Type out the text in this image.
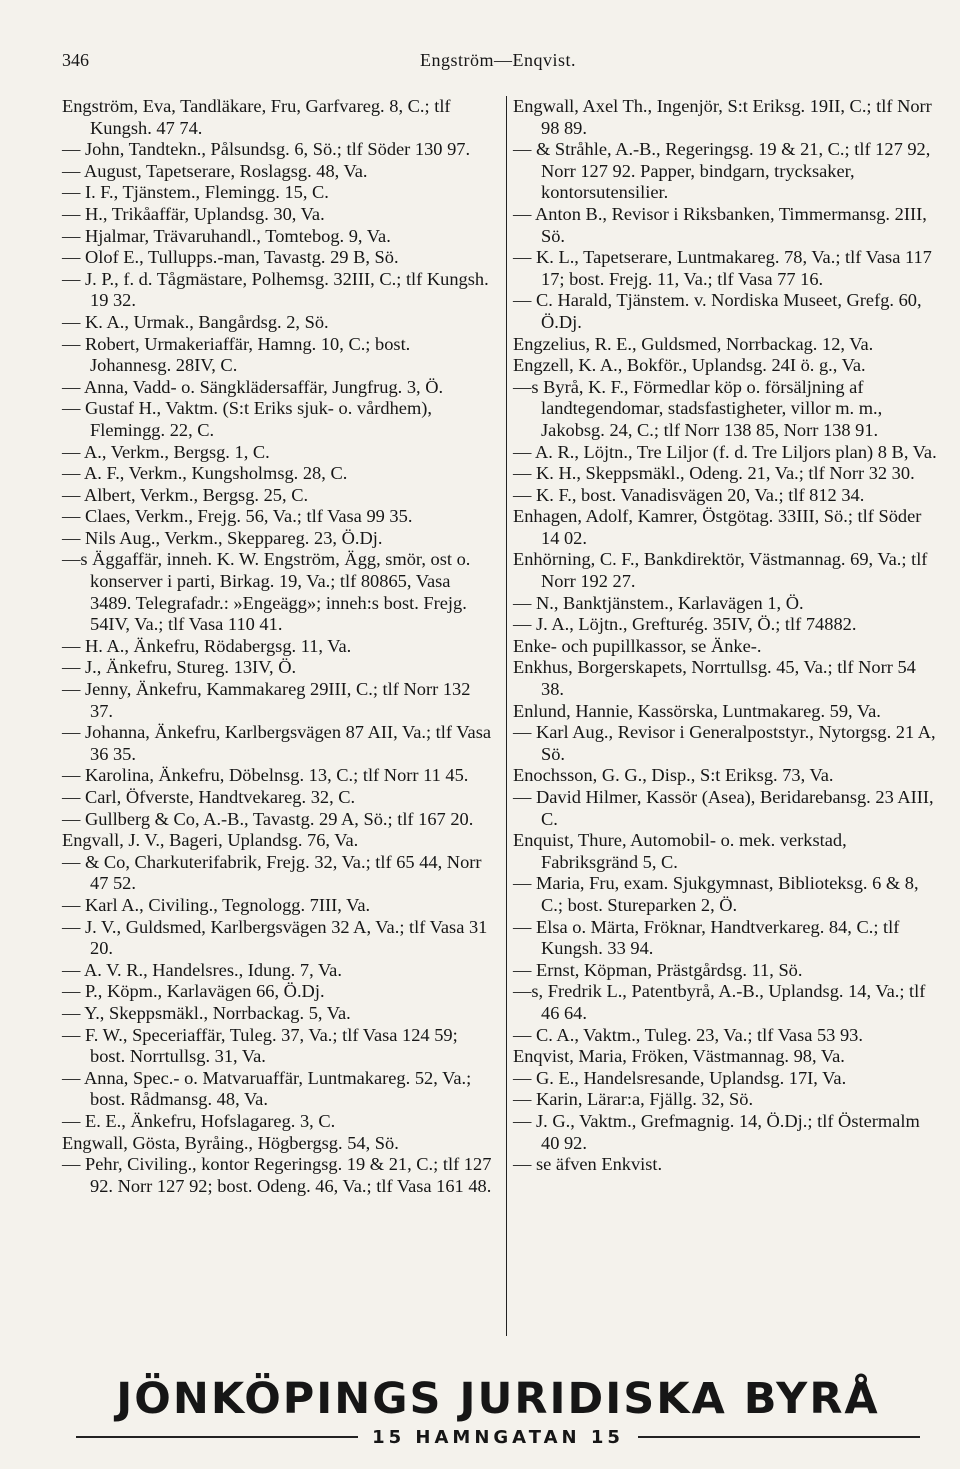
346	Engström—Enqvist.
Engström, Eva, Tandläkare, Fru, Garfvareg. 8, C.; tlf Kungsh. 47 74.
— John, Tandtekn., Pålsundsg. 6, Sö.; tlf Söder 130 97.
— August, Tapetserare, Roslagsg. 48, Va.
— I. F., Tjänstem., Flemingg. 15, C.
— H., Trikåaffär, Uplandsg. 30, Va.
— Hjalmar, Trävaruhandl., Tomtebog. 9, Va.
— Olof E., Tullupps.-man, Tavastg. 29 B, Sö.
— J. P., f. d. Tågmästare, Polhemsg. 32III, C.; tlf Kungsh. 19 32.
— K. A., Urmak., Bangårdsg. 2, Sö.
— Robert, Urmakeriaffär, Hamng. 10, C.; bost. Johannesg. 28IV, C.
— Anna, Vadd- o. Sängklädersaffär, Jungfrug. 3, Ö.
— Gustaf H., Vaktm. (S:t Eriks sjuk- o. vårdhem), Flemingg. 22, C.
— A., Verkm., Bergsg. 1, C.
— A. F., Verkm., Kungsholmsg. 28, C.
— Albert, Verkm., Bergsg. 25, C.
— Claes, Verkm., Frejg. 56, Va.; tlf Vasa 99 35.
— Nils Aug., Verkm., Skeppareg. 23, Ö.Dj.
—s Äggaffär, inneh. K. W. Engström, Ägg, smör, ost o. konserver i parti, Birkag. 19, Va.; tlf 80865, Vasa 3489. Telegrafadr.: »Engeägg»; inneh:s bost. Frejg. 54IV, Va.; tlf Vasa 110 41.
— H. A., Änkefru, Rödabergsg. 11, Va.
— J., Änkefru, Stureg. 13IV, Ö.
— Jenny, Änkefru, Kammakareg 29III, C.; tlf Norr 132 37.
— Johanna, Änkefru, Karlbergsvägen 87 AII, Va.; tlf Vasa 36 35.
— Karolina, Änkefru, Döbelnsg. 13, C.; tlf Norr 11 45.
— Carl, Öfverste, Handtvekareg. 32, C.
— Gullberg & Co, A.-B., Tavastg. 29 A, Sö.; tlf 167 20.
Engvall, J. V., Bageri, Uplandsg. 76, Va.
— & Co, Charkuterifabrik, Frejg. 32, Va.; tlf 65 44, Norr 47 52.
— Karl A., Civiling., Tegnologg. 7III, Va.
— J. V., Guldsmed, Karlbergsvägen 32 A, Va.; tlf Vasa 31 20.
— A. V. R., Handelsres., Idung. 7, Va.
— P., Köpm., Karlavägen 66, Ö.Dj.
— Y., Skeppsmäkl., Norrbackag. 5, Va.
— F. W., Speceriaffär, Tuleg. 37, Va.; tlf Vasa 124 59; bost. Norrtullsg. 31, Va.
— Anna, Spec.- o. Matvaruaffär, Luntmakareg. 52, Va.; bost. Rådmansg. 48, Va.
— E. E., Änkefru, Hofslagareg. 3, C.
Engwall, Gösta, Byråing., Högbergsg. 54, Sö.
— Pehr, Civiling., kontor Regeringsg. 19 & 21, C.; tlf 127 92. Norr 127 92; bost. Odeng. 46, Va.; tlf Vasa 161 48.
Engwall, Axel Th., Ingenjör, S:t Eriksg. 19II, C.; tlf Norr 98 89.
— & Stråhle, A.-B., Regeringsg. 19 & 21, C.; tlf 127 92, Norr 127 92. Papper, bindgarn, trycksaker, kontorsutensilier.
— Anton B., Revisor i Riksbanken, Timmermansg. 2III, Sö.
— K. L., Tapetserare, Luntmakareg. 78, Va.; tlf Vasa 117 17; bost. Frejg. 11, Va.; tlf Vasa 77 16.
— C. Harald, Tjänstem. v. Nordiska Museet, Grefg. 60, Ö.Dj.
Engzelius, R. E., Guldsmed, Norrbackag. 12, Va.
Engzell, K. A., Bokför., Uplandsg. 24I ö. g., Va.
—s Byrå, K. F., Förmedlar köp o. försäljning af landtegendomar, stadsfastigheter, villor m. m., Jakobsg. 24, C.; tlf Norr 138 85, Norr 138 91.
— A. R., Löjtn., Tre Liljor (f. d. Tre Liljors plan) 8 B, Va.
— K. H., Skeppsmäkl., Odeng. 21, Va.; tlf Norr 32 30.
— K. F., bost. Vanadisvägen 20, Va.; tlf 812 34.
Enhagen, Adolf, Kamrer, Östgötag. 33III, Sö.; tlf Söder 14 02.
Enhörning, C. F., Bankdirektör, Västmannag. 69, Va.; tlf Norr 192 27.
— N., Banktjänstem., Karlavägen 1, Ö.
— J. A., Löjtn., Grefturég. 35IV, Ö.; tlf 74882.
Enke- och pupillkassor, se Änke-.
Enkhus, Borgerskapets, Norrtullsg. 45, Va.; tlf Norr 54 38.
Enlund, Hannie, Kassörska, Luntmakareg. 59, Va.
— Karl Aug., Revisor i Generalpoststyr., Nytorgsg. 21 A, Sö.
Enochsson, G. G., Disp., S:t Eriksg. 73, Va.
— David Hilmer, Kassör (Asea), Beridarebansg. 23 AIII, C.
Enquist, Thure, Automobil- o. mek. verkstad, Fabriksgränd 5, C.
— Maria, Fru, exam. Sjukgymnast, Biblioteksg. 6 & 8, C.; bost. Stureparken 2, Ö.
— Elsa o. Märta, Fröknar, Handtverkareg. 84, C.; tlf Kungsh. 33 94.
— Ernst, Köpman, Prästgårdsg. 11, Sö.
—s, Fredrik L., Patentbyrå, A.-B., Uplandsg. 14, Va.; tlf 46 64.
— C. A., Vaktm., Tuleg. 23, Va.; tlf Vasa 53 93.
Enqvist, Maria, Fröken, Västmannag. 98, Va.
— G. E., Handelsresande, Uplandsg. 17I, Va.
— Karin, Lärar:a, Fjällg. 32, Sö.
— J. G., Vaktm., Grefmagnig. 14, Ö.Dj.; tlf Östermalm 40 92.
— se äfven Enkvist.
JÖNKÖPINGS JURIDISKA BYRÅ
15 HAMNGATAN 15
